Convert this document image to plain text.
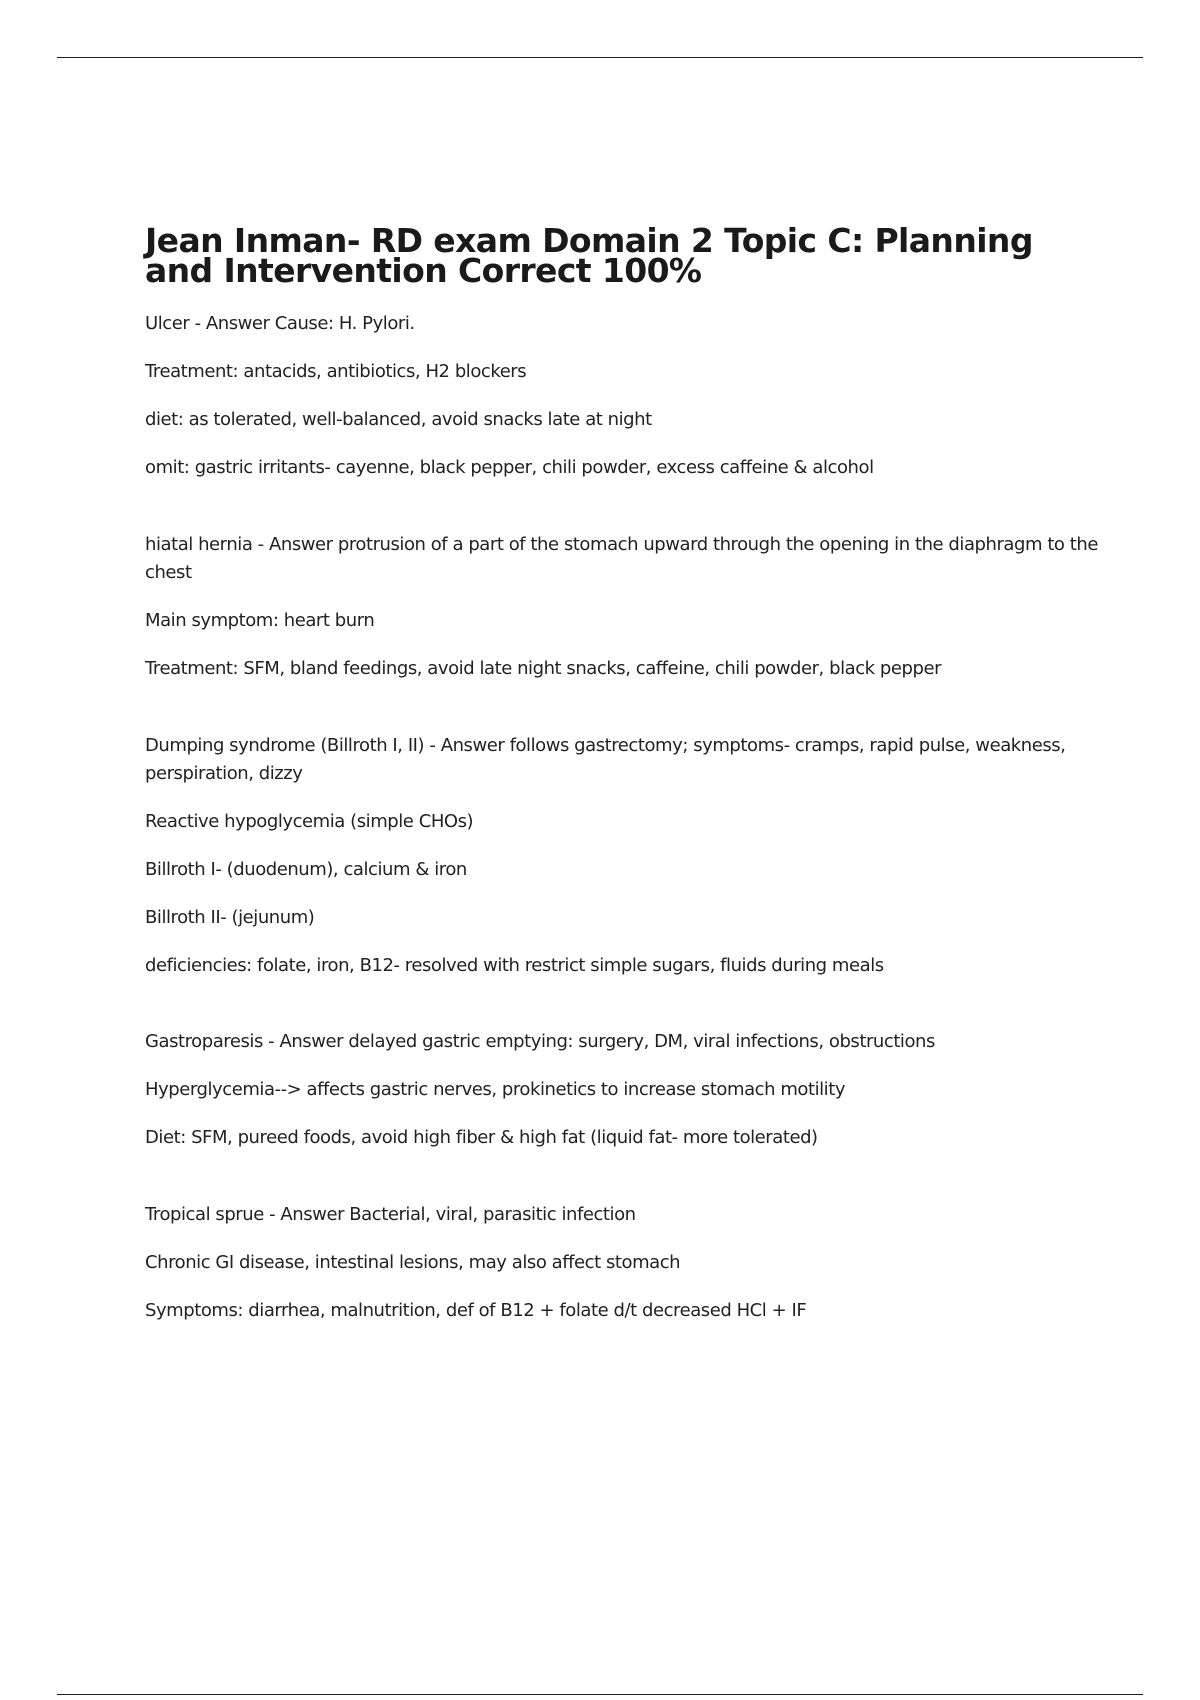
Jean Inman- RD exam Domain 2 Topic C: Planning and Intervention Correct 100%

Ulcer - Answer Cause: H. Pylori.

Treatment: antacids, antibiotics, H2 blockers

diet: as tolerated, well-balanced, avoid snacks late at night

omit: gastric irritants- cayenne, black pepper, chili powder, excess caffeine & alcohol

hiatal hernia - Answer protrusion of a part of the stomach upward through the opening in the diaphragm to the chest

Main symptom: heart burn

Treatment: SFM, bland feedings, avoid late night snacks, caffeine, chili powder, black pepper

Dumping syndrome (Billroth I, II) - Answer follows gastrectomy; symptoms- cramps, rapid pulse, weakness, perspiration, dizzy

Reactive hypoglycemia (simple CHOs)

Billroth I- (duodenum), calcium & iron

Billroth II- (jejunum)

deficiencies: folate, iron, B12- resolved with restrict simple sugars, fluids during meals

Gastroparesis - Answer delayed gastric emptying: surgery, DM, viral infections, obstructions

Hyperglycemia--> affects gastric nerves, prokinetics to increase stomach motility

Diet: SFM, pureed foods, avoid high fiber & high fat (liquid fat- more tolerated)

Tropical sprue - Answer Bacterial, viral, parasitic infection

Chronic GI disease, intestinal lesions, may also affect stomach

Symptoms: diarrhea, malnutrition, def of B12 + folate d/t decreased HCl + IF
